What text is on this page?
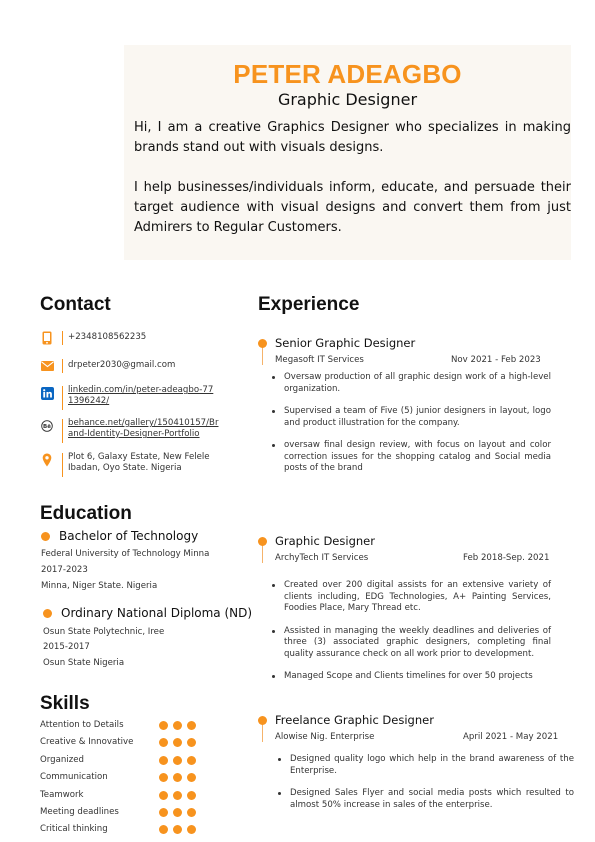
PETER ADEAGBO
Graphic Designer
Hi, I am a creative Graphics Designer who specializes in making brands stand out with visuals designs.
I help businesses/individuals inform, educate, and persuade their target audience with visual designs and convert them from just Admirers to Regular Customers.
Contact
+2348108562235
drpeter2030@gmail.com
linkedin.com/in/peter-adeagbo-771396242/
Bē behance.net/gallery/150410157/Brand-Identity-Designer-Portfolio
Plot 6, Galaxy Estate, New Felele Ibadan, Oyo State. Nigeria
Education
Bachelor of Technology
Federal University of Technology Minna
2017-2023
Minna, Niger State. Nigeria
Ordinary National Diploma (ND)
Osun State Polytechnic, Iree
2015-2017
Osun State Nigeria
Skills
Attention to Details
Creative & Innovative
Organized
Communication
Teamwork
Meeting deadlines
Critical thinking
Experience
Senior Graphic Designer
Megasoft IT Services	Nov 2021 - Feb 2023
Oversaw production of all graphic design work of a high-level organization.
Supervised a team of Five (5) junior designers in layout, logo and product illustration for the company.
oversaw final design review, with focus on layout and color correction issues for the shopping catalog and Social media posts of the brand
Graphic Designer
ArchyTech IT Services	Feb 2018-Sep. 2021
Created over 200 digital assists for an extensive variety of clients including, EDG Technologies, A+ Painting Services, Foodies Place, Mary Thread etc.
Assisted in managing the weekly deadlines and deliveries of three (3) associated graphic designers, completing final quality assurance check on all work prior to development.
Managed Scope and Clients timelines for over 50 projects
Freelance Graphic Designer
Alowise Nig. Enterprise	April 2021 - May 2021
Designed quality logo which help in the brand awareness of the Enterprise.
Designed Sales Flyer and social media posts which resulted to almost 50% increase in sales of the enterprise.
